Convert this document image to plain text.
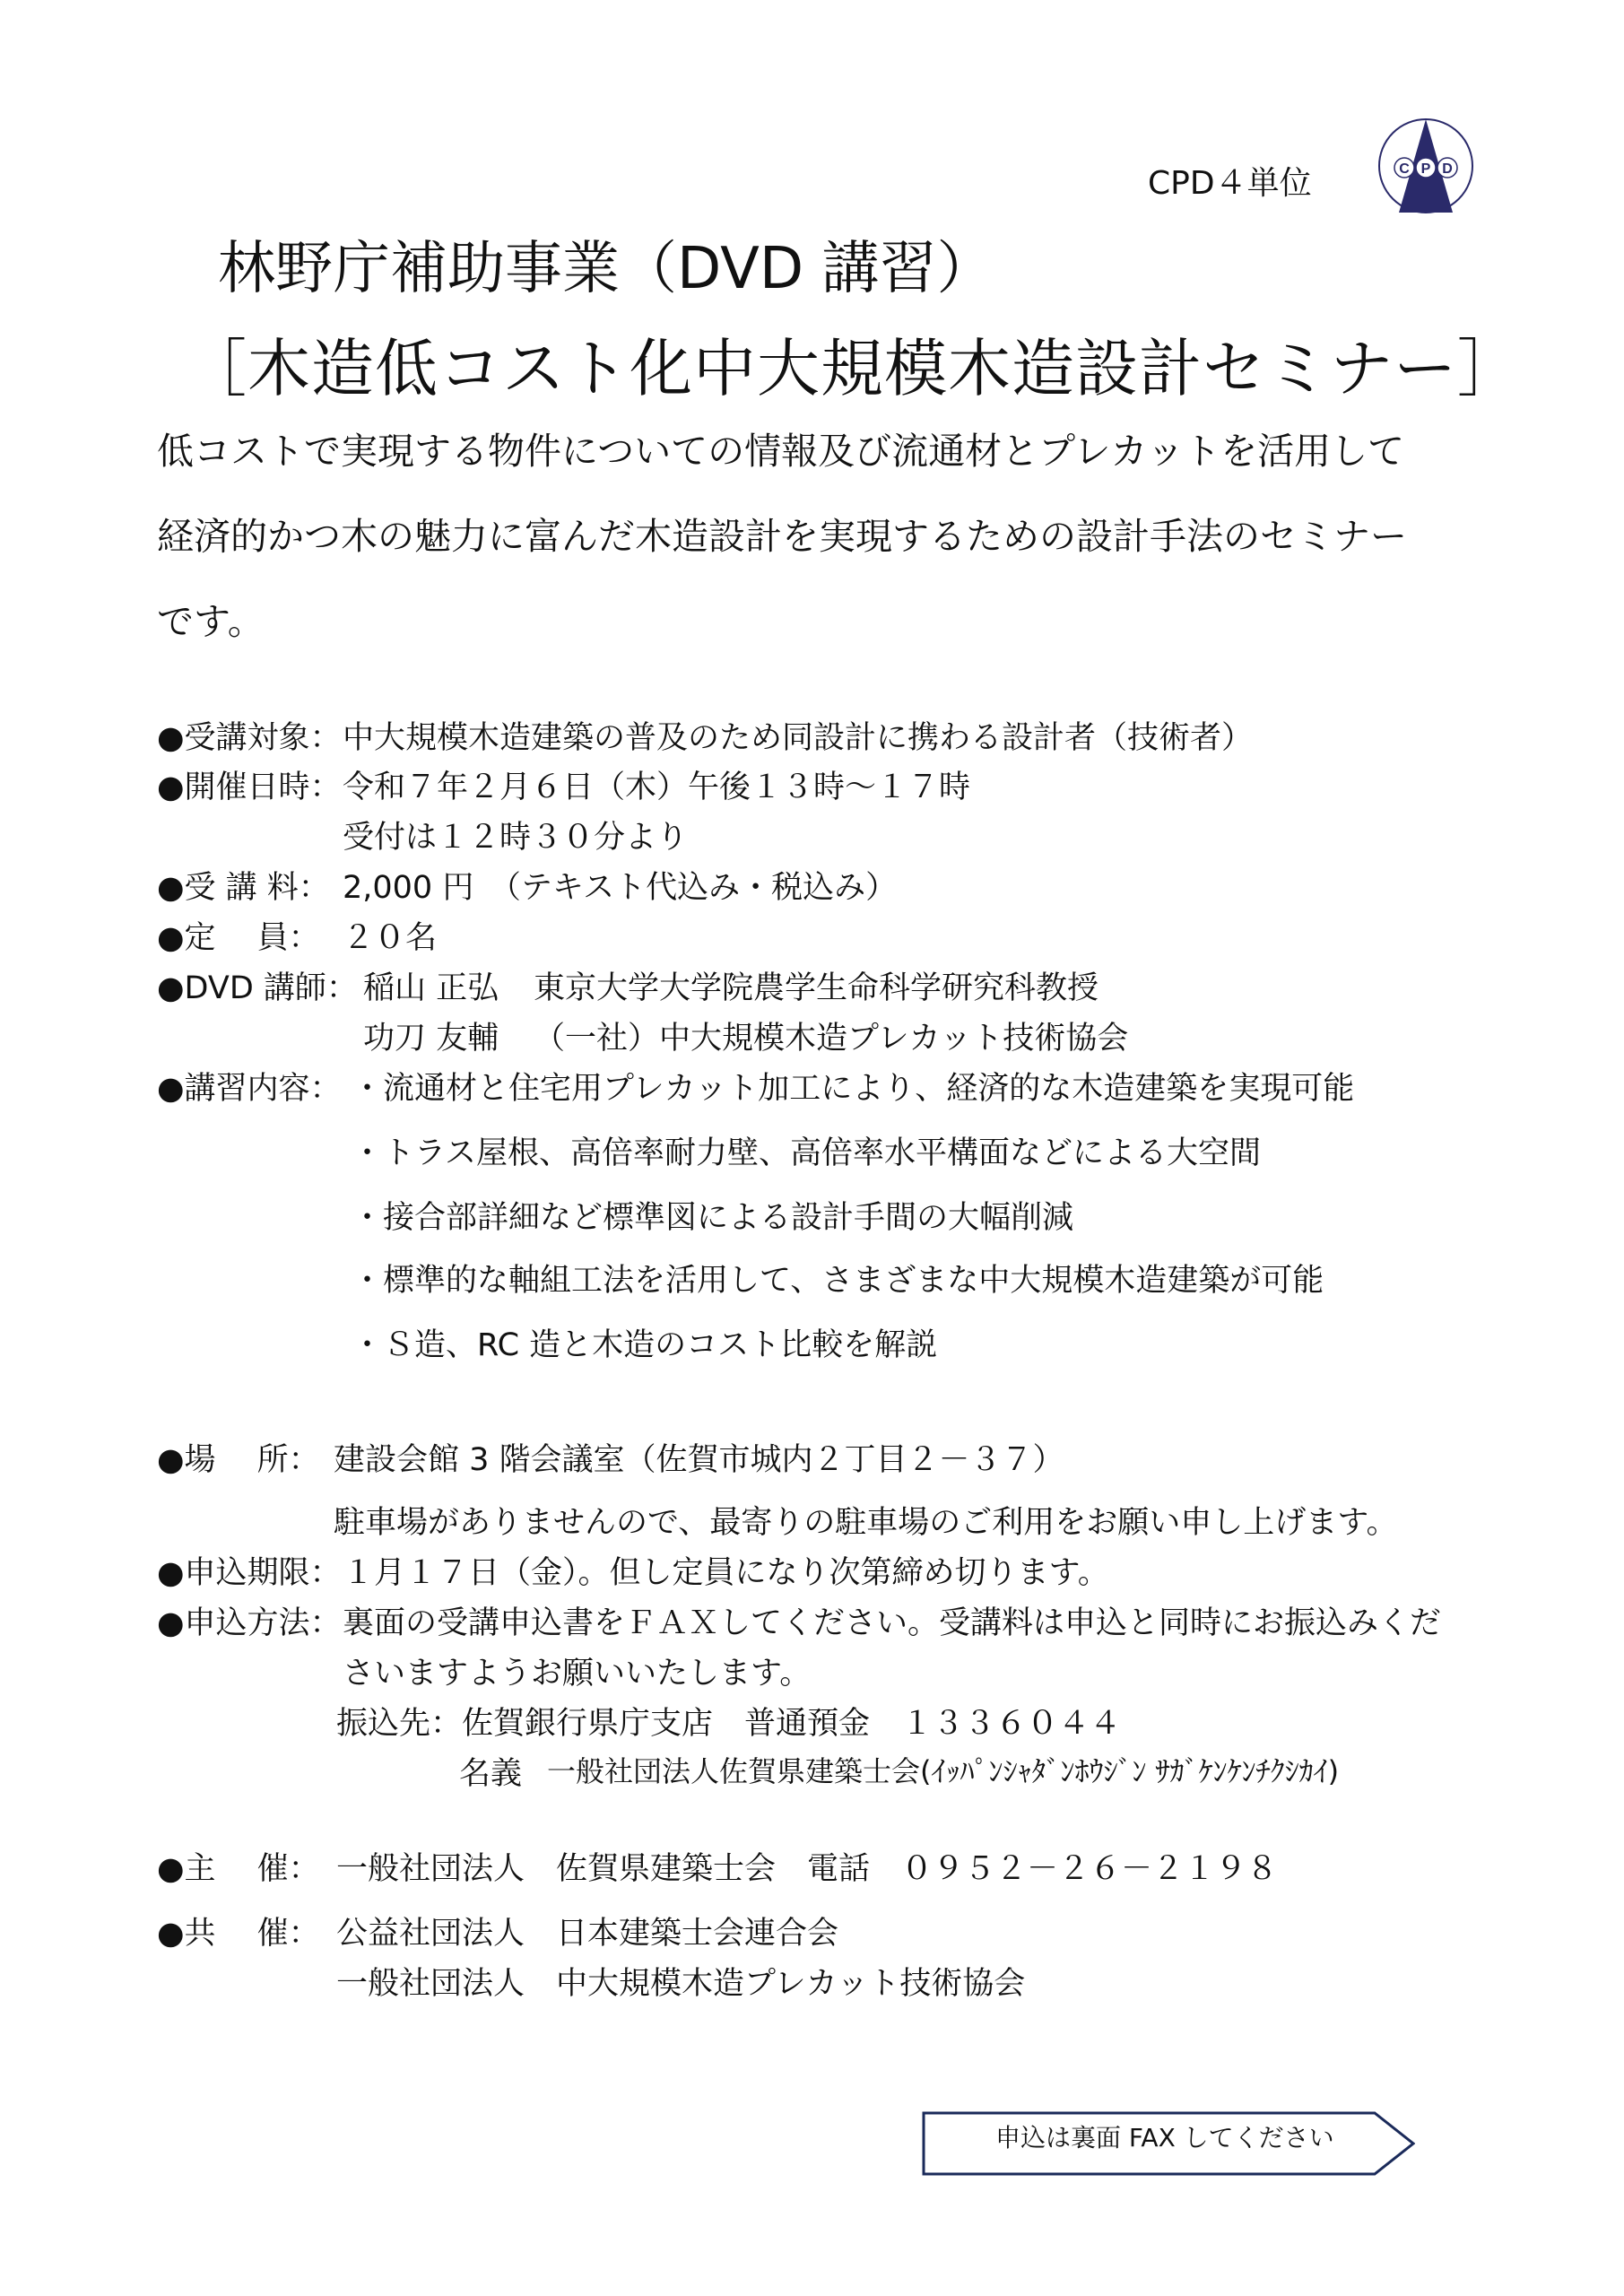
CPD４単位	C P D
林野庁補助事業（DVD 講習）
［木造低コスト化中大規模木造設計セミナー］
低コストで実現する物件についての情報及び流通材とプレカットを活用して
経済的かつ木の魅力に富んだ木造設計を実現するための設計手法のセミナー
です。
●受講対象： 中大規模木造建築の普及のため同設計に携わる設計者（技術者）
●開催日時： 令和７年２月６日（木）午後１３時～１７時
受付は１２時３０分より
●受 講 料： 2,000 円　（テキスト代込み・税込み）
●定　 員： ２０名
●DVD 講師： 稲山 正弘 東京大学大学院農学生命科学研究科教授
功刀 友輔 （一社）中大規模木造プレカット技術協会
●講習内容： ・流通材と住宅用プレカット加工により、経済的な木造建築を実現可能
・トラス屋根、高倍率耐力壁、高倍率水平構面などによる大空間
・接合部詳細など標準図による設計手間の大幅削減
・標準的な軸組工法を活用して、さまざまな中大規模木造建築が可能
・Ｓ造、RC 造と木造のコスト比較を解説
●場　 所： 建設会館 3 階会議室（佐賀市城内２丁目２－３７）
駐車場がありませんので、最寄りの駐車場のご利用をお願い申し上げます。
●申込期限： １月１７日（金）。但し定員になり次第締め切ります。
●申込方法： 裏面の受講申込書をＦＡＸしてください。受講料は申込と同時にお振込みくだ
さいますようお願いいたします。
振込先： 佐賀銀行県庁支店　普通預金　１３３６０４４
名義 一般社団法人佐賀県建築士会(ｲｯﾊﾟﾝｼｬﾀﾞﾝﾎｳｼﾞﾝ ｻｶﾞｹﾝｹﾝﾁｸｼｶｲ)
●主　 催： 一般社団法人　佐賀県建築士会　電話　０９５２－２６－２１９８
●共　 催： 公益社団法人　日本建築士会連合会
一般社団法人　中大規模木造プレカット技術協会
申込は裏面 FAX してください
